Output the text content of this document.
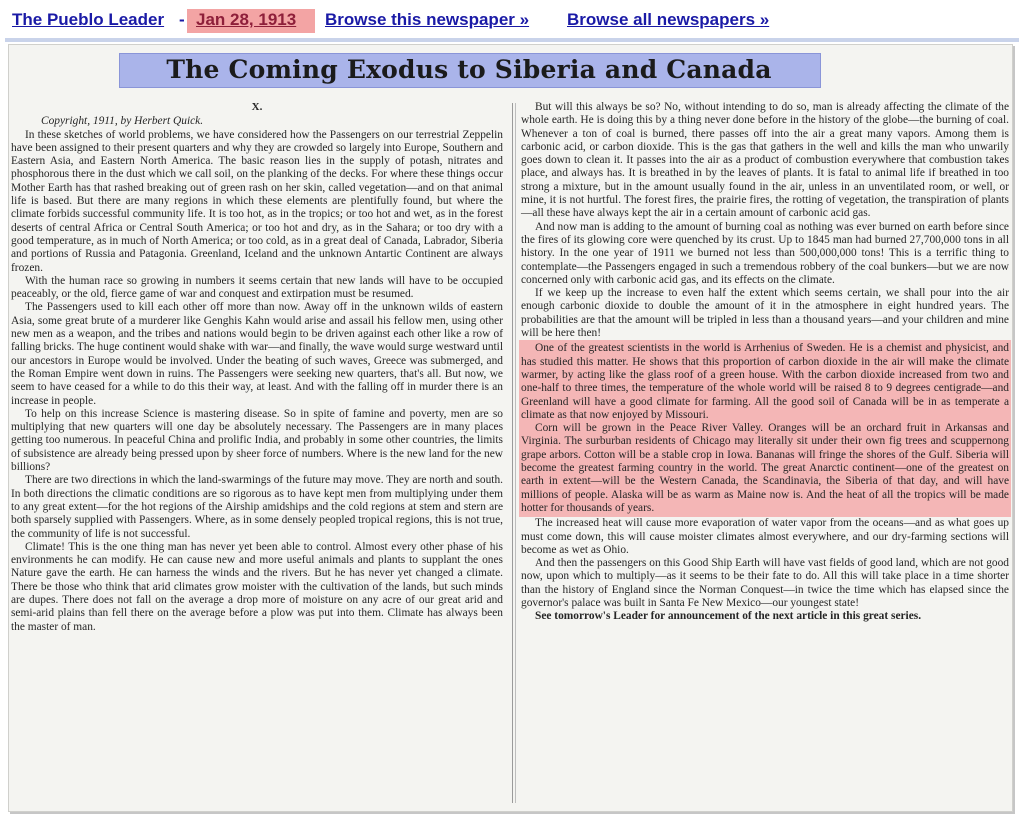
The Pueblo Leader - Jan 28, 1913 Browse this newspaper » Browse all newspapers »
The Coming Exodus to Siberia and Canada

X.

Copyright, 1911, by Herbert Quick.

In these sketches of world problems, we have considered how the Passengers on our terrestrial Zeppelin have been assigned to their present quarters and why they are crowded so largely into Europe, Southern and Eastern Asia, and Eastern North America. The basic reason lies in the supply of potash, nitrates and phosphorous there in the dust which we call soil, on the planking of the decks. For where these things occur Mother Earth has that rashed breaking out of green rash on her skin, called vegetation—and on that animal life is based. But there are many regions in which these elements are plentifully found, but where the climate forbids successful community life. It is too hot, as in the tropics; or too hot and wet, as in the forest deserts of central Africa or Central South America; or too hot and dry, as in the Sahara; or too dry with a good temperature, as in much of North America; or too cold, as in a great deal of Canada, Labrador, Siberia and portions of Russia and Patagonia. Greenland, Iceland and the unknown Antartic Continent are always frozen.

With the human race so growing in numbers it seems certain that new lands will have to be occupied peaceably, or the old, fierce game of war and conquest and extirpation must be resumed.

The Passengers used to kill each other off more than now. Away off in the unknown wilds of eastern Asia, some great brute of a murderer like Genghis Kahn would arise and assail his fellow men, using other new men as a weapon, and the tribes and nations would begin to be driven against each other like a row of falling bricks. The huge continent would shake with war—and finally, the wave would surge westward until our ancestors in Europe would be involved. Under the beating of such waves, Greece was submerged, and the Roman Empire went down in ruins. The Passengers were seeking new quarters, that's all. But now, we seem to have ceased for a while to do this their way, at least. And with the falling off in murder there is an increase in people.

To help on this increase Science is mastering disease. So in spite of famine and poverty, men are so multiplying that new quarters will one day be absolutely necessary. The Passengers are in many places getting too numerous. In peaceful China and prolific India, and probably in some other countries, the limits of subsistence are already being pressed upon by sheer force of numbers. Where is the new land for the new billions?

There are two directions in which the land-swarmings of the future may move. They are north and south. In both directions the climatic conditions are so rigorous as to have kept men from multiplying under them to any great extent—for the hot regions of the Airship amidships and the cold regions at stem and stern are both sparsely supplied with Passengers. Where, as in some densely peopled tropical regions, this is not true, the community of life is not successful.

Climate! This is the one thing man has never yet been able to control. Almost every other phase of his environments he can modify. He can cause new and more useful animals and plants to supplant the ones Nature gave the earth. He can harness the winds and the rivers. But he has never yet changed a climate. There be those who think that arid climates grow moister with the cultivation of the lands, but such minds are dupes. There does not fall on the average a drop more of moisture on any acre of our great arid and semi-arid plains than fell there on the average before a plow was put into them. Climate has always been the master of man.

But will this always be so? No, without intending to do so, man is already affecting the climate of the whole earth. He is doing this by a thing never done before in the history of the globe—the burning of coal. Whenever a ton of coal is burned, there passes off into the air a great many vapors. Among them is carbonic acid, or carbon dioxide. This is the gas that gathers in the well and kills the man who unwarily goes down to clean it. It passes into the air as a product of combustion everywhere that combustion takes place, and always has. It is breathed in by the leaves of plants. It is fatal to animal life if breathed in too strong a mixture, but in the amount usually found in the air, unless in an unventilated room, or well, or mine, it is not hurtful. The forest fires, the prairie fires, the rotting of vegetation, the transpiration of plants—all these have always kept the air in a certain amount of carbonic acid gas.

And now man is adding to the amount of burning coal as nothing was ever burned on earth before since the fires of its glowing core were quenched by its crust. Up to 1845 man had burned 27,700,000 tons in all history. In the one year of 1911 we burned not less than 500,000,000 tons! This is a terrific thing to contemplate—the Passengers engaged in such a tremendous robbery of the coal bunkers—but we are now concerned only with carbonic acid gas, and its effects on the climate.

If we keep up the increase to even half the extent which seems certain, we shall pour into the air enough carbonic dioxide to double the amount of it in the atmosphere in eight hundred years. The probabilities are that the amount will be tripled in less than a thousand years—and your children and mine will be here then!

One of the greatest scientists in the world is Arrhenius of Sweden. He is a chemist and physicist, and has studied this matter. He shows that this proportion of carbon dioxide in the air will make the climate warmer, by acting like the glass roof of a green house. With the carbon dioxide increased from two and one-half to three times, the temperature of the whole world will be raised 8 to 9 degrees centigrade—and Greenland will have a good climate for farming. All the good soil of Canada will be in as temperate a climate as that now enjoyed by Missouri.

Corn will be grown in the Peace River Valley. Oranges will be an orchard fruit in Arkansas and Virginia. The surburban residents of Chicago may literally sit under their own fig trees and scuppernong grape arbors. Cotton will be a stable crop in Iowa. Bananas will fringe the shores of the Gulf. Siberia will become the greatest farming country in the world. The great Anarctic continent—one of the greatest on earth in extent—will be the Western Canada, the Scandinavia, the Siberia of that day, and will have millions of people. Alaska will be as warm as Maine now is. And the heat of all the tropics will be made hotter for thousands of years.

The increased heat will cause more evaporation of water vapor from the oceans—and as what goes up must come down, this will cause moister climates almost everywhere, and our dry-farming sections will become as wet as Ohio.

And then the passengers on this Good Ship Earth will have vast fields of good land, which are not good now, upon which to multiply—as it seems to be their fate to do. All this will take place in a time shorter than the history of England since the Norman Conquest—in twice the time which has elapsed since the governor's palace was built in Santa Fe New Mexico—our youngest state!

See tomorrow's Leader for announcement of the next article in this great series.
